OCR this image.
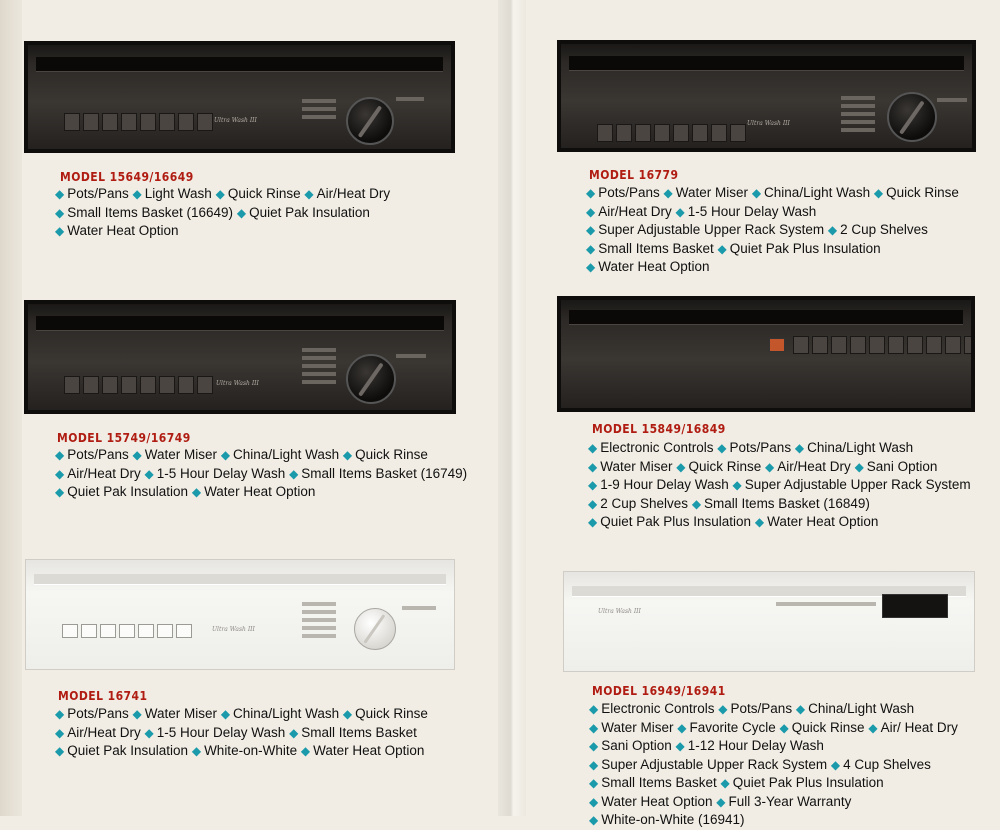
Ultra Wash III
MODEL 15649/16649

◆ Pots/Pans ◆ Light Wash ◆ Quick Rinse ◆ Air/Heat Dry ◆ Small Items Basket (16649) ◆ Quiet Pak Insulation ◆ Water Heat Option

Ultra Wash III
MODEL 16779

◆ Pots/Pans ◆ Water Miser ◆ China/Light Wash ◆ Quick Rinse ◆ Air/Heat Dry ◆ 1-5 Hour Delay Wash ◆ Super Adjustable Upper Rack System ◆ 2 Cup Shelves ◆ Small Items Basket ◆ Quiet Pak Plus Insulation ◆ Water Heat Option

Ultra Wash III
MODEL 15749/16749

◆ Pots/Pans ◆ Water Miser ◆ China/Light Wash ◆ Quick Rinse ◆ Air/Heat Dry ◆ 1-5 Hour Delay Wash ◆ Small Items Basket (16749) ◆ Quiet Pak Insulation ◆ Water Heat Option

MODEL 15849/16849

◆ Electronic Controls ◆ Pots/Pans ◆ China/Light Wash ◆ Water Miser ◆ Quick Rinse ◆ Air/Heat Dry ◆ Sani Option ◆ 1-9 Hour Delay Wash ◆ Super Adjustable Upper Rack System ◆ 2 Cup Shelves ◆ Small Items Basket (16849) ◆ Quiet Pak Plus Insulation ◆ Water Heat Option

Ultra Wash III
MODEL 16741

◆ Pots/Pans ◆ Water Miser ◆ China/Light Wash ◆ Quick Rinse ◆ Air/Heat Dry ◆ 1-5 Hour Delay Wash ◆ Small Items Basket ◆ Quiet Pak Insulation ◆ White-on-White ◆ Water Heat Option

Ultra Wash III
MODEL 16949/16941

◆ Electronic Controls ◆ Pots/Pans ◆ China/Light Wash ◆ Water Miser ◆ Favorite Cycle ◆ Quick Rinse ◆ Air/ Heat Dry ◆ Sani Option ◆ 1-12 Hour Delay Wash ◆ Super Adjustable Upper Rack System ◆ 4 Cup Shelves ◆ Small Items Basket ◆ Quiet Pak Plus Insulation ◆ Water Heat Option ◆ Full 3-Year Warranty ◆ White-on-White (16941)
